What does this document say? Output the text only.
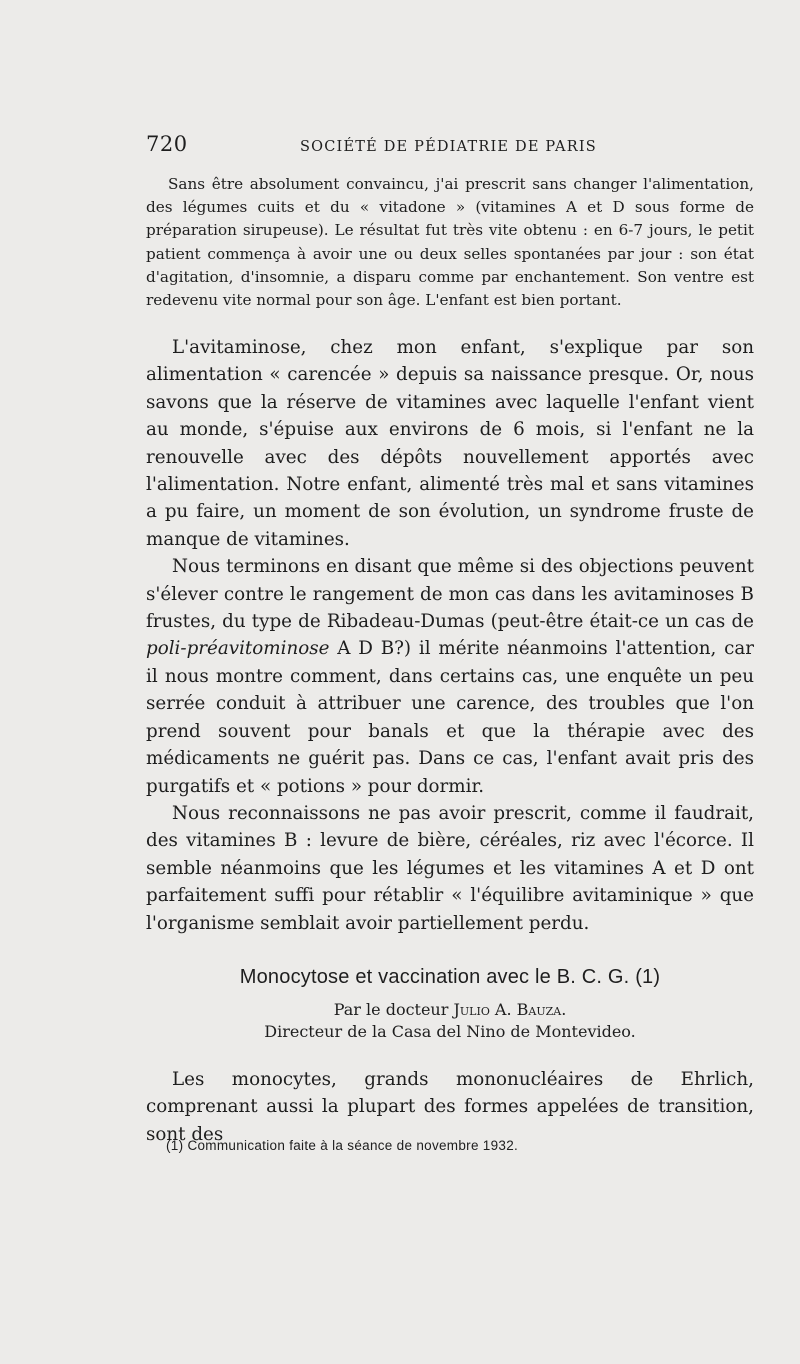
720	SOCIÉTÉ DE PÉDIATRIE DE PARIS

Sans être absolument convaincu, j'ai prescrit sans changer l'alimentation, des légumes cuits et du « vitadone » (vitamines A et D sous forme de préparation sirupeuse). Le résultat fut très vite obtenu : en 6-7 jours, le petit patient commença à avoir une ou deux selles spontanées par jour : son état d'agitation, d'insomnie, a disparu comme par enchantement. Son ventre est redevenu vite normal pour son âge. L'enfant est bien portant.

L'avitaminose, chez mon enfant, s'explique par son alimentation « carencée » depuis sa naissance presque. Or, nous savons que la réserve de vitamines avec laquelle l'enfant vient au monde, s'épuise aux environs de 6 mois, si l'enfant ne la renouvelle avec des dépôts nouvellement apportés avec l'alimentation. Notre enfant, alimenté très mal et sans vitamines a pu faire, un moment de son évolution, un syndrome fruste de manque de vitamines.

Nous terminons en disant que même si des objections peuvent s'élever contre le rangement de mon cas dans les avitaminoses B frustes, du type de Ribadeau-Dumas (peut-être était-ce un cas de poli-préavitominose A D B?) il mérite néanmoins l'attention, car il nous montre comment, dans certains cas, une enquête un peu serrée conduit à attribuer une carence, des troubles que l'on prend souvent pour banals et que la thérapie avec des médicaments ne guérit pas. Dans ce cas, l'enfant avait pris des purgatifs et « potions » pour dormir.

Nous reconnaissons ne pas avoir prescrit, comme il faudrait, des vitamines B : levure de bière, céréales, riz avec l'écorce. Il semble néanmoins que les légumes et les vitamines A et D ont parfaitement suffi pour rétablir « l'équilibre avitaminique » que l'organisme semblait avoir partiellement perdu.

Monocytose et vaccination avec le B. C. G. (1)
Par le docteur Julio A. Bauza.
Directeur de la Casa del Nino de Montevideo.

Les monocytes, grands mononucléaires de Ehrlich, comprenant aussi la plupart des formes appelées de transition, sont des

(1) Communication faite à la séance de novembre 1932.
